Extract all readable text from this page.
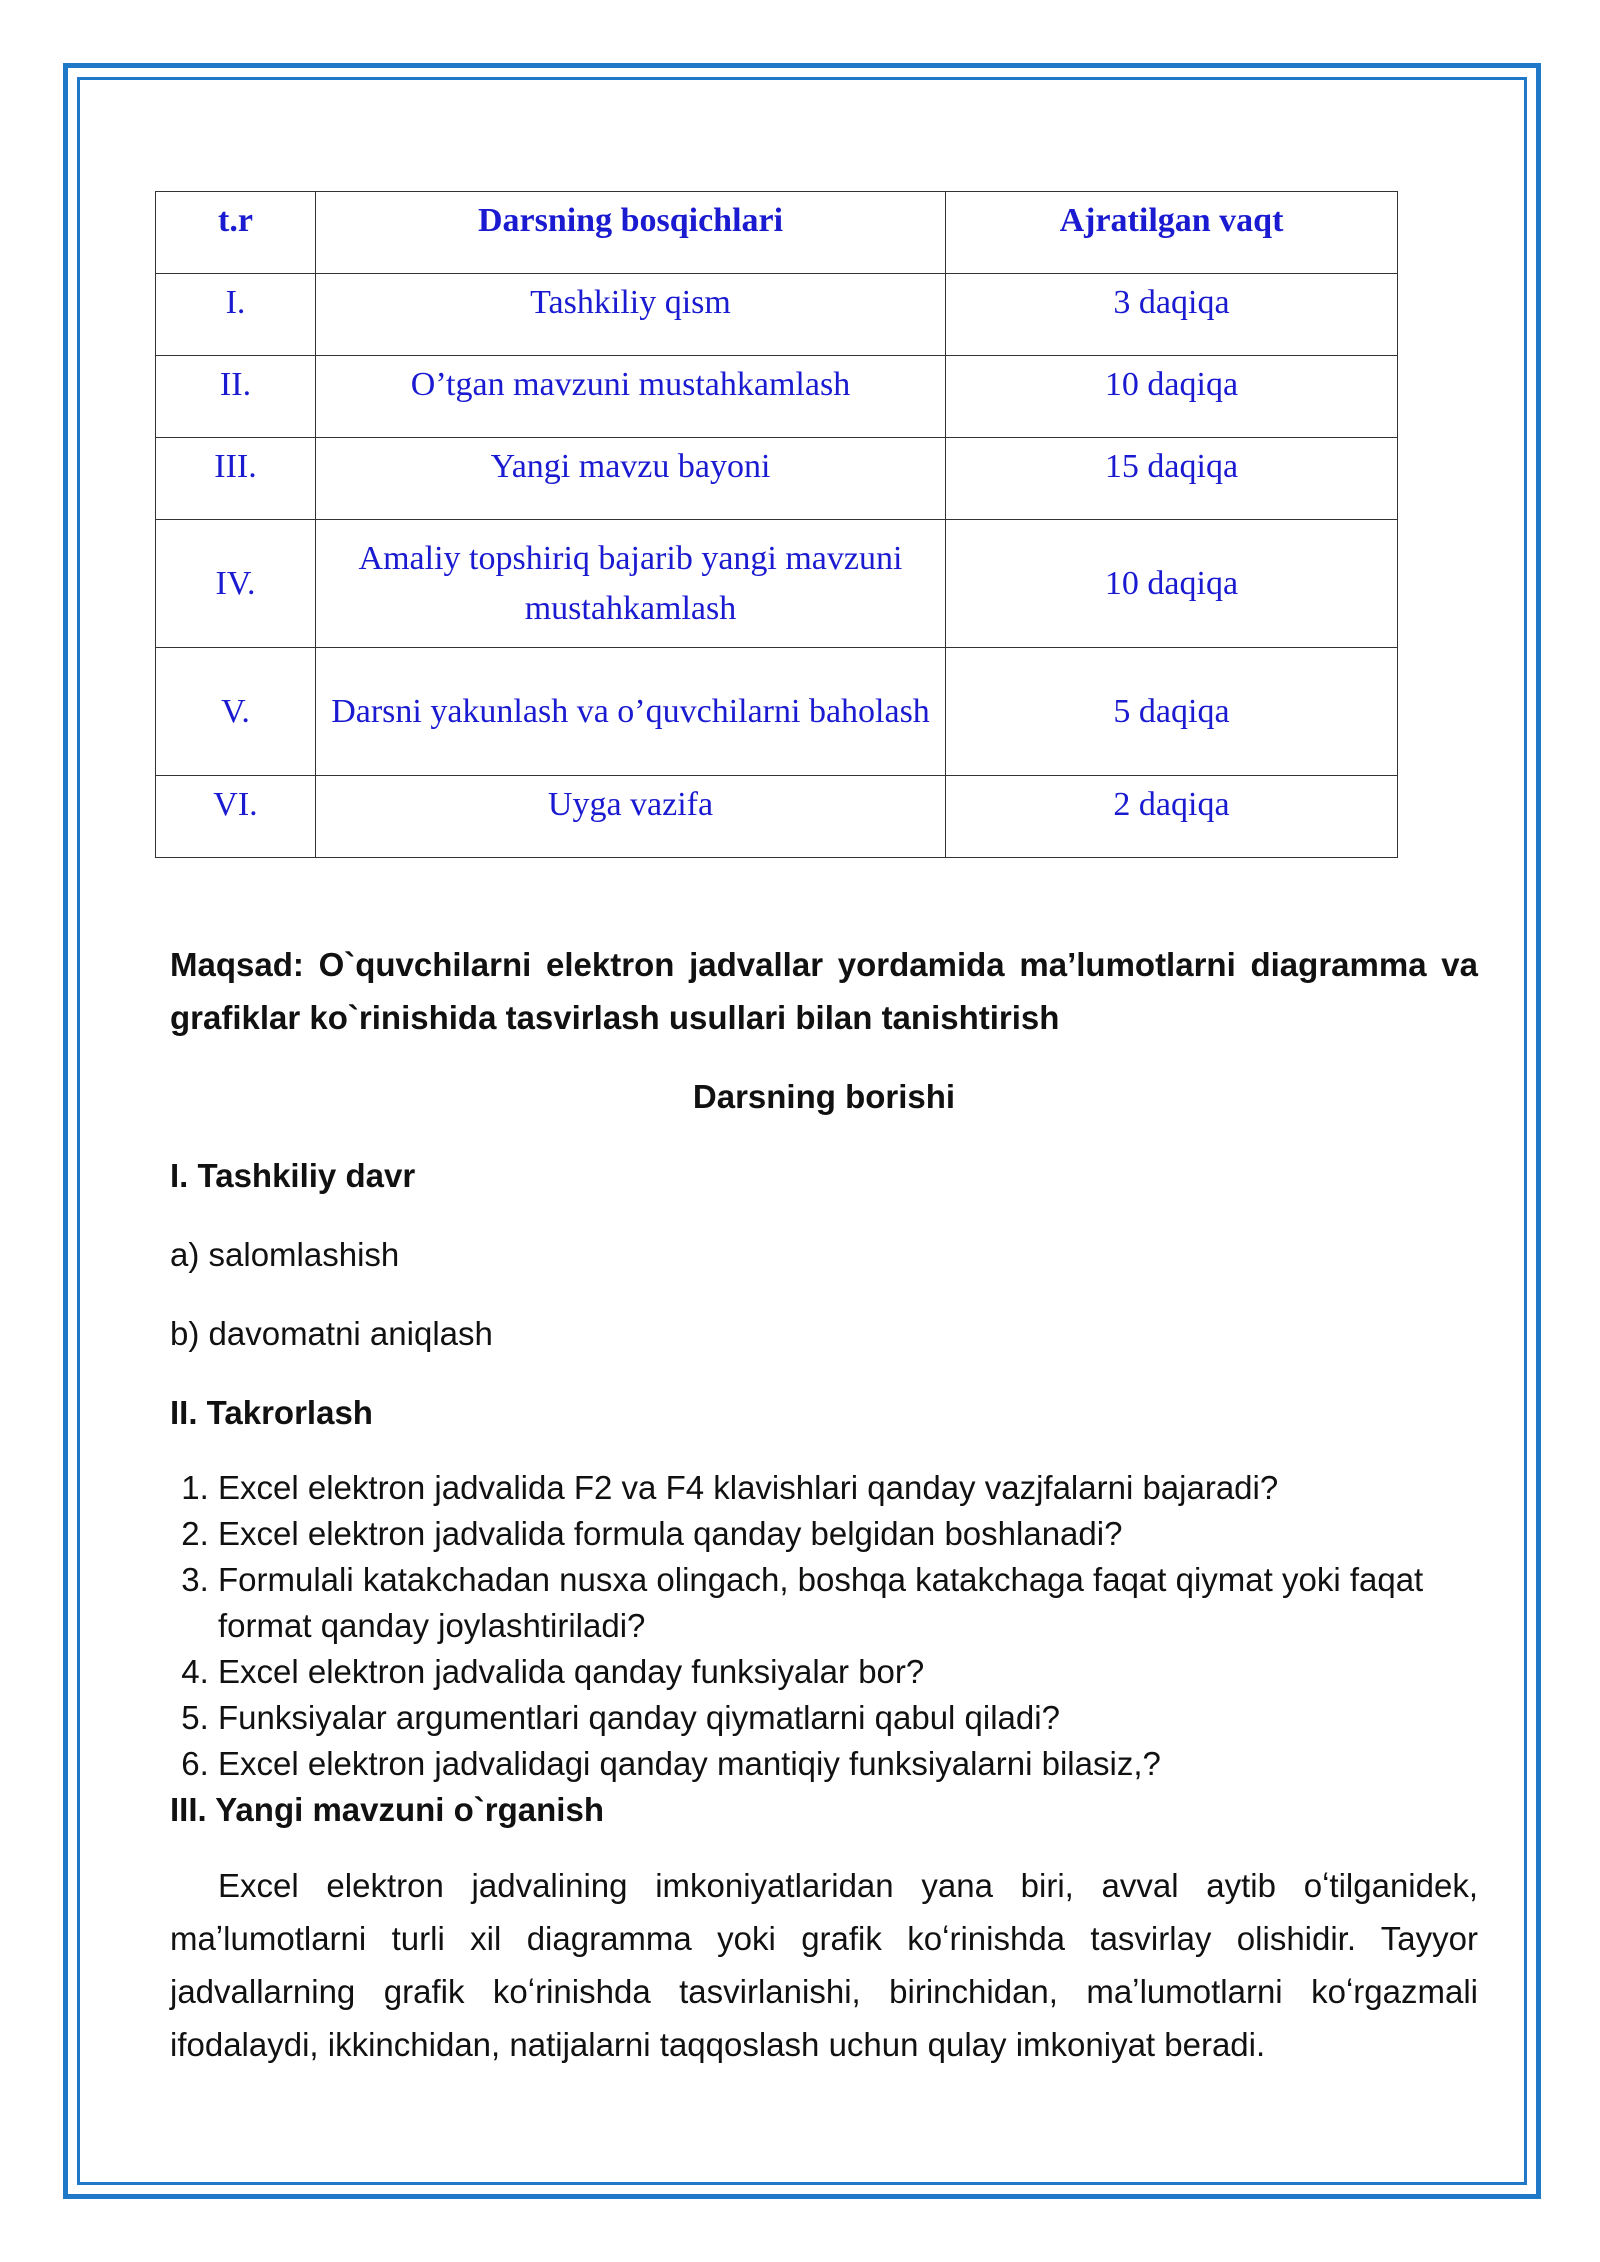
t.r	Darsning bosqichlari	Ajratilgan vaqt
I.	Tashkiliy qism	3 daqiqa
II.	O’tgan mavzuni mustahkamlash	10 daqiqa
III.	Yangi mavzu bayoni	15 daqiqa
IV.	Amaliy topshiriq bajarib yangi mavzuni mustahkamlash	10 daqiqa
V.	Darsni yakunlash va o’quvchilarni baholash	5 daqiqa
VI.	Uyga vazifa	2 daqiqa

Maqsad: O`quvchilarni elektron jadvallar yordamida ma’lumotlarni diagramma va grafiklar ko`rinishida tasvirlash usullari bilan tanishtirish

Darsning borishi

I. Tashkiliy davr

a) salomlashish

b) davomatni aniqlash

II. Takrorlash

1. Excel elektron jadvalida F2 va F4 klavishlari qanday vazjfalarni bajaradi?
2. Excel elektron jadvalida formula qanday belgidan boshlanadi?
3. Formulali katakchadan nusxa olingach, boshqa katakchaga faqat qiymat yoki faqat format qanday joylashtiriladi?
4. Excel elektron jadvalida qanday funksiyalar bor?
5. Funksiyalar argumentlari qanday qiymatlarni qabul qiladi?
6. Excel elektron jadvalidagi qanday mantiqiy funksiyalarni bilasiz,?

III. Yangi mavzuni o`rganish

Excel elektron jadvalining imkoniyatlaridan yana biri, avval aytib oʻtilganidek, maʼlumotlarni turli xil diagramma yoki grafik koʻrinishda tasvirlay olishidir. Tayyor jadvallarning grafik koʻrinishda tasvirlanishi, birinchidan, maʼlumotlarni koʻrgazmali ifodalaydi, ikkinchidan, natijalarni taqqoslash uchun qulay imkoniyat beradi.
